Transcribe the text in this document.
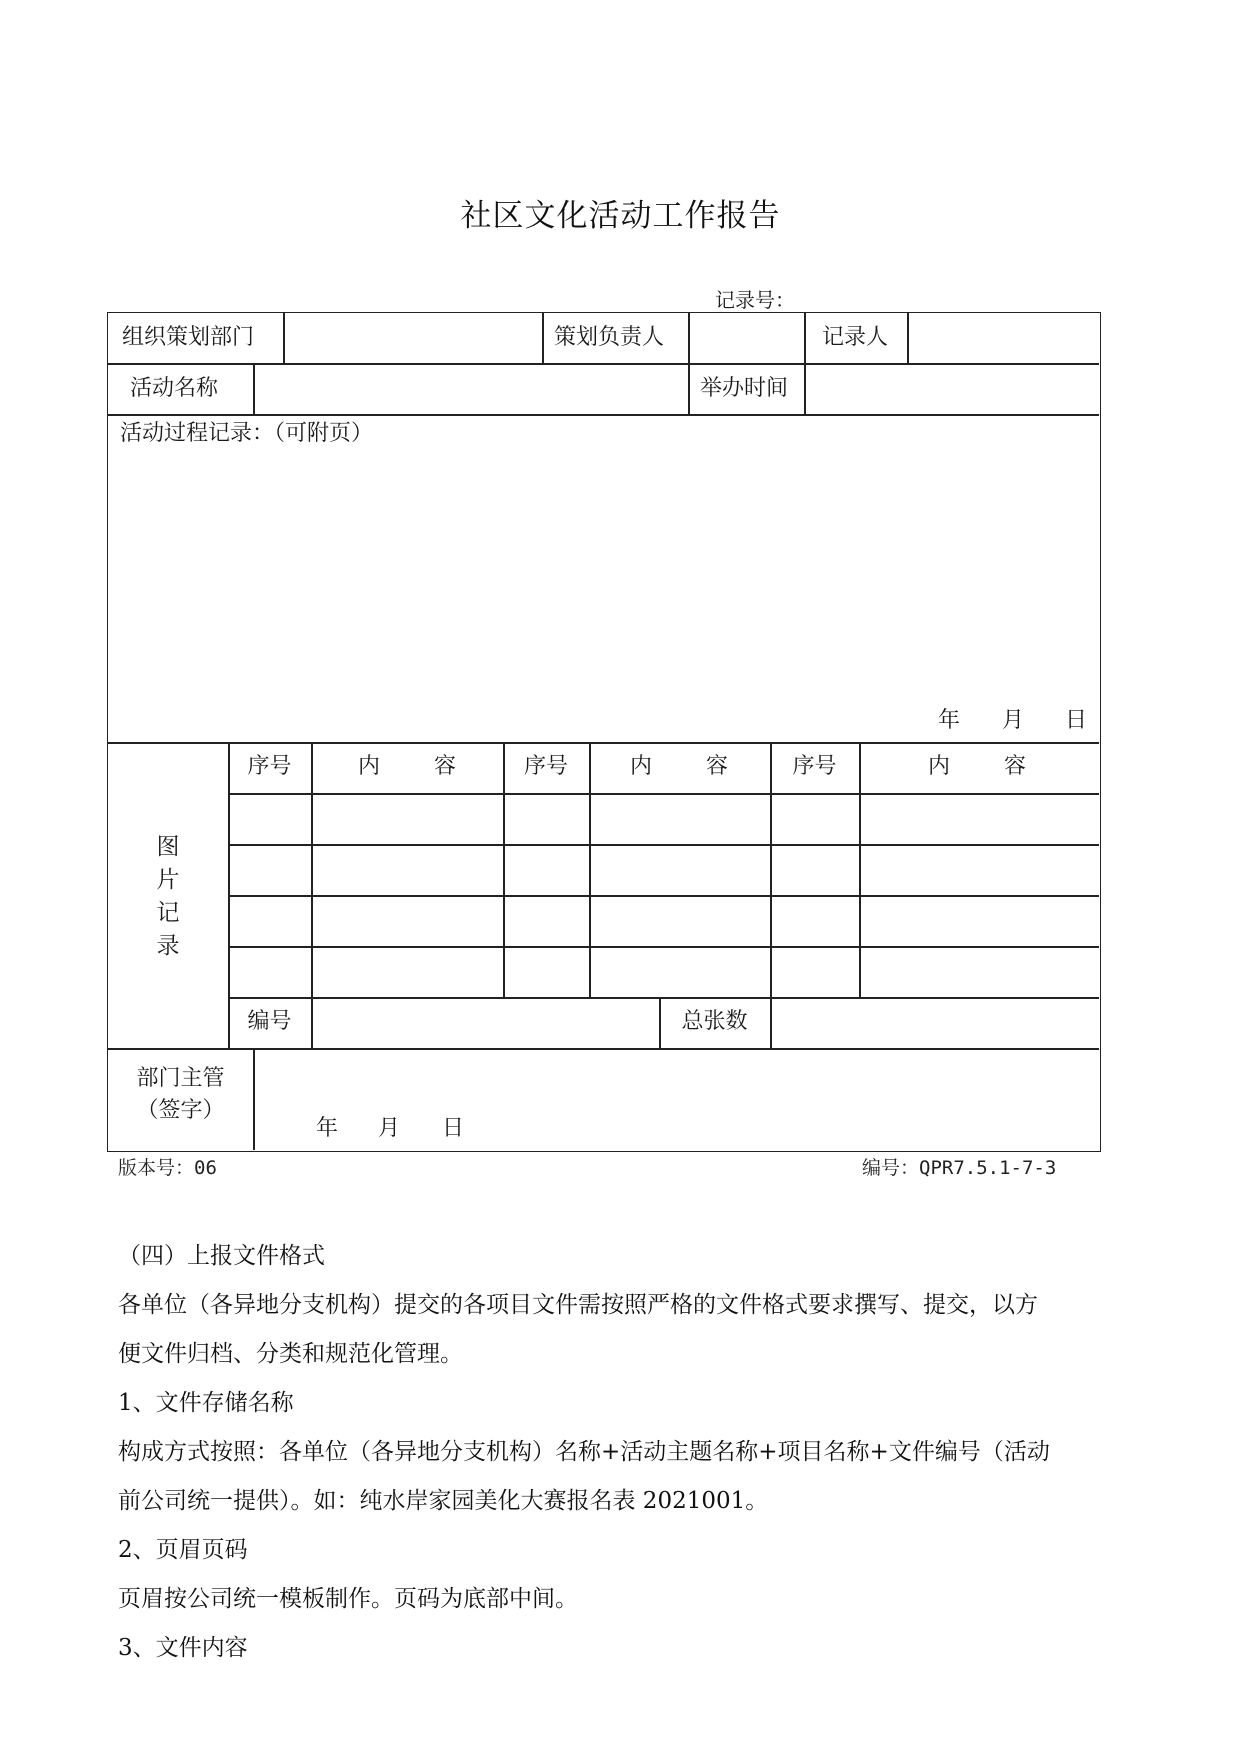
社区文化活动工作报告
记录号：
组织策划部门	策划负责人	记录人
活动名称	举办时间
活动过程记录：（可附页）
年 月 日
图
片
记
录
序号	内 容	序号	内 容	序号	内 容
编号	总张数
部门主管
（签字）
年 月 日
版本号：06	编号：QPR7.5.1-7-3

（四）上报文件格式

各单位（各异地分支机构）提交的各项目文件需按照严格的文件格式要求撰写、提交，以方

便文件归档、分类和规范化管理。

1、文件存储名称

构成方式按照：各单位（各异地分支机构）名称+活动主题名称+项目名称+文件编号（活动

前公司统一提供）。如：纯水岸家园美化大赛报名表 2021001。

2、页眉页码

页眉按公司统一模板制作。页码为底部中间。

3、文件内容
